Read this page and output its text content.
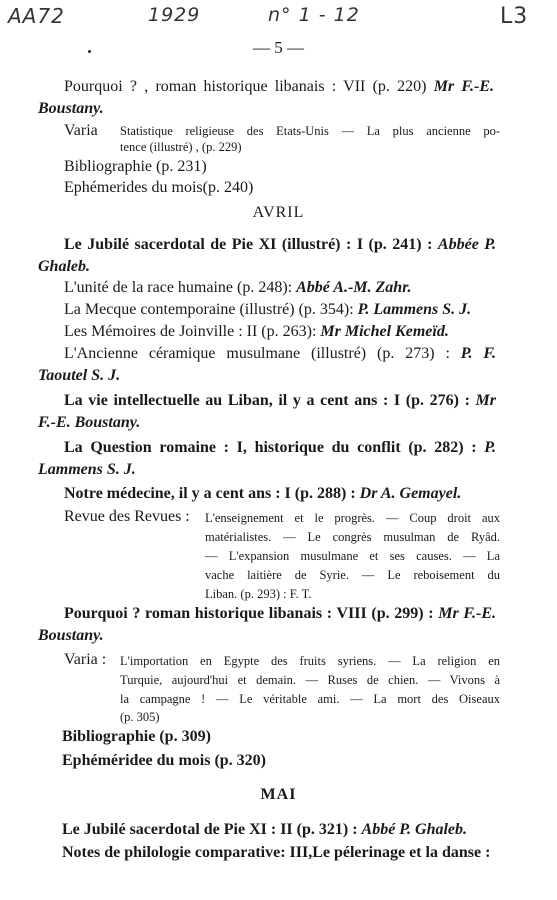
AA72	1929	n° 1 - 12	L3
— 5 —
Pourquoi ? , roman historique libanais : VII (p. 220) Mr F.-E.
Boustany.
Varia Statistique religieuse des Etats-Unis — La plus ancienne po-
tence (illustré) , (p. 229)
Bibliographie (p. 231)
Ephémerides du mois(p. 240)
AVRIL
Le Jubilé sacerdotal de Pie XI (illustré) : I (p. 241) : Abbée P.
Ghaleb.
L'unité de la race humaine (p. 248): Abbé A.-M. Zahr.
La Mecque contemporaine (illustré) (p. 354): P. Lammens S. J.
Les Mémoires de Joinville : II (p. 263): Mr Michel Kemeïd.
L'Ancienne céramique musulmane (illustré) (p. 273) : P. F.
Taoutel S. J.
La vie intellectuelle au Liban, il y a cent ans : I (p. 276) : Mr
F.-E. Boustany.
La Question romaine : I, historique du conflit (p. 282) : P.
Lammens S. J.
Notre médecine, il y a cent ans : I (p. 288) : Dr A. Gemayel.
Revue des Revues : L'enseignement et le progrès. — Coup droit aux
matérialistes. — Le congrès musulman de Ryâd.
— L'expansion musulmane et ses causes. — La
vache laitière de Syrie. — Le reboisement du
Liban. (p. 293) : F. T.
Pourquoi ? roman historique libanais : VIII (p. 299) : Mr F.-E.
Boustany.
Varia : L'importation en Egypte des fruits syriens. — La religion en
Turquie, aujourd'hui et demain. — Ruses de chien. — Vivons à
la campagne ! — Le véritable ami. — La mort des Oiseaux
(p. 305)
Bibliographie (p. 309)
Ephéméridee du mois (p. 320)
MAI
Le Jubilé sacerdotal de Pie XI : II (p. 321) : Abbé P. Ghaleb.
Notes de philologie comparative: III,Le pélerinage et la danse :
